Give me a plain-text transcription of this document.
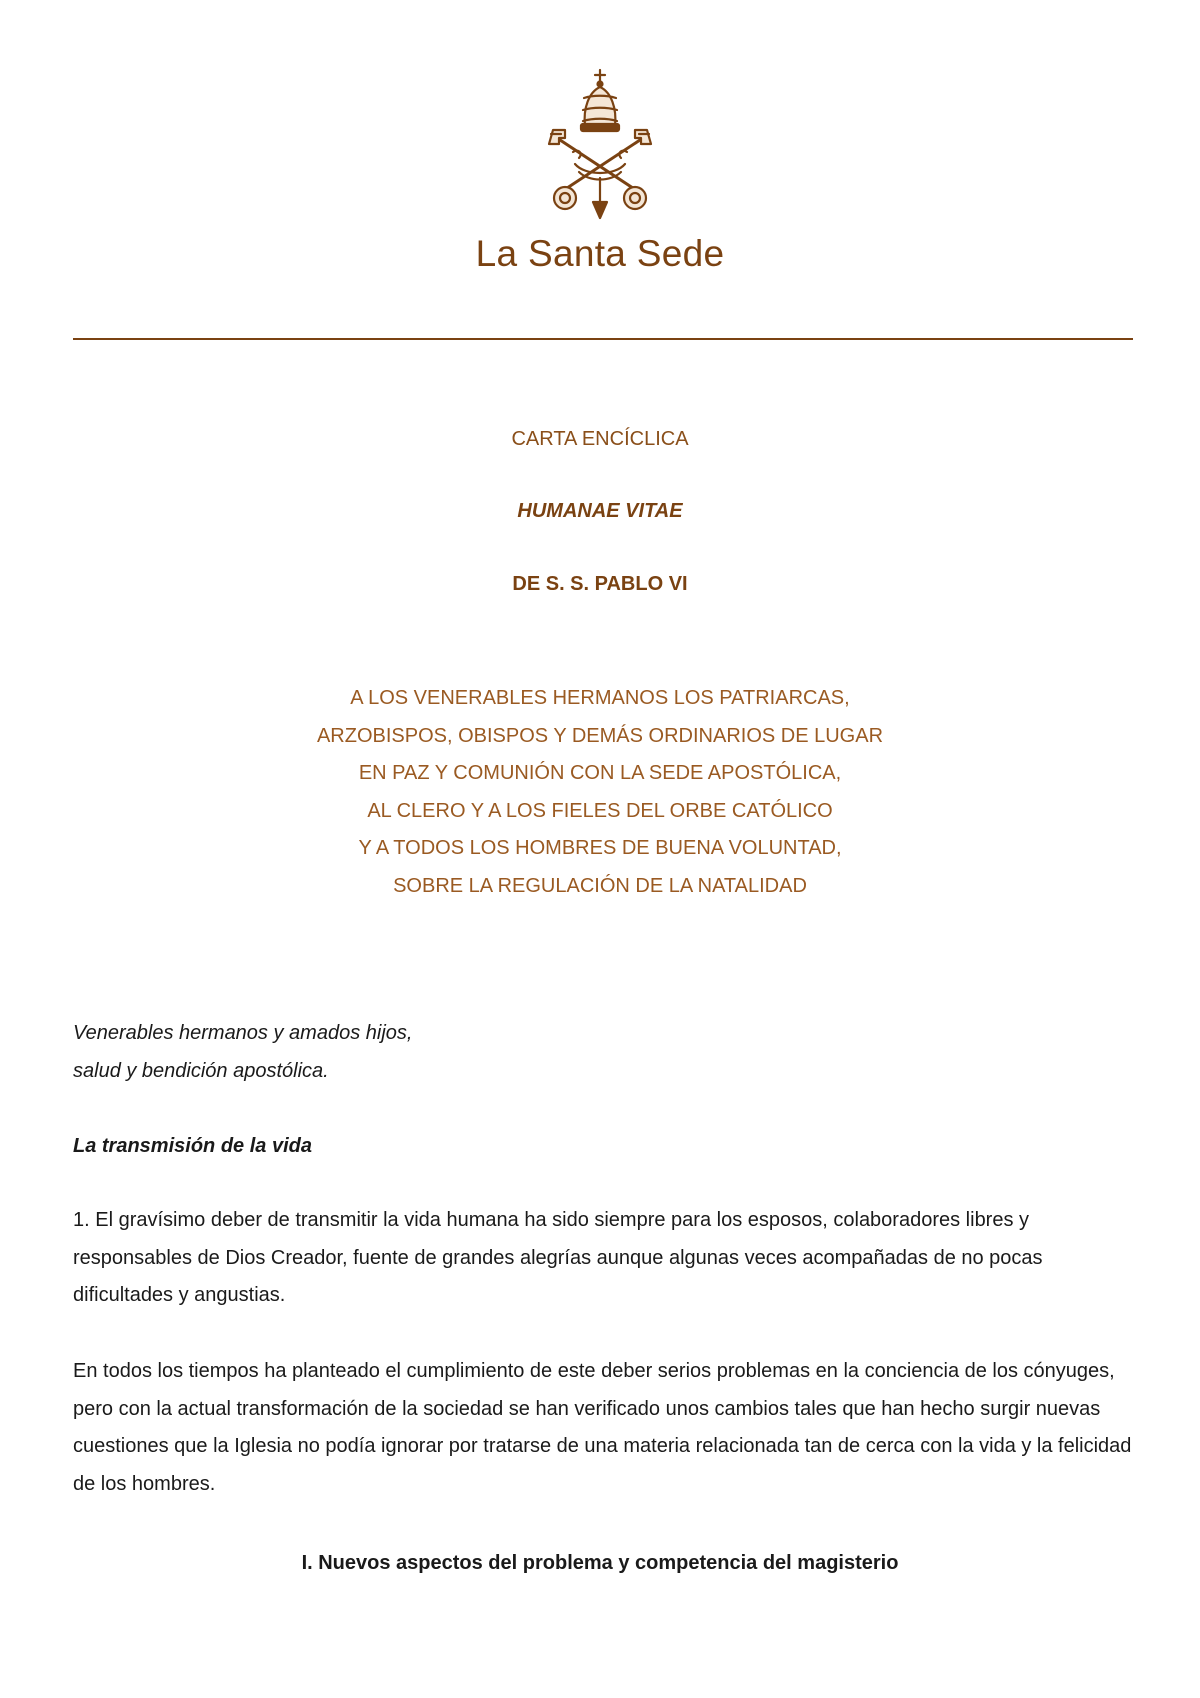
La Santa Sede
CARTA ENCÍCLICA
HUMANAE VITAE
DE S. S. PABLO VI
A LOS VENERABLES HERMANOS LOS PATRIARCAS,
ARZOBISPOS, OBISPOS Y DEMÁS ORDINARIOS DE LUGAR
EN PAZ Y COMUNIÓN CON LA SEDE APOSTÓLICA,
AL CLERO Y A LOS FIELES DEL ORBE CATÓLICO
Y A TODOS LOS HOMBRES DE BUENA VOLUNTAD,
SOBRE LA REGULACIÓN DE LA NATALIDAD
Venerables hermanos y amados hijos,
salud y bendición apostólica.
La transmisión de la vida

1. El gravísimo deber de transmitir la vida humana ha sido siempre para los esposos, colaboradores libres y responsables de Dios Creador, fuente de grandes alegrías aunque algunas veces acompañadas de no pocas dificultades y angustias.

En todos los tiempos ha planteado el cumplimiento de este deber serios problemas en la conciencia de los cónyuges, pero con la actual transformación de la sociedad se han verificado unos cambios tales que han hecho surgir nuevas cuestiones que la Iglesia no podía ignorar por tratarse de una materia relacionada tan de cerca con la vida y la felicidad de los hombres.

I. Nuevos aspectos del problema y competencia del magisterio
